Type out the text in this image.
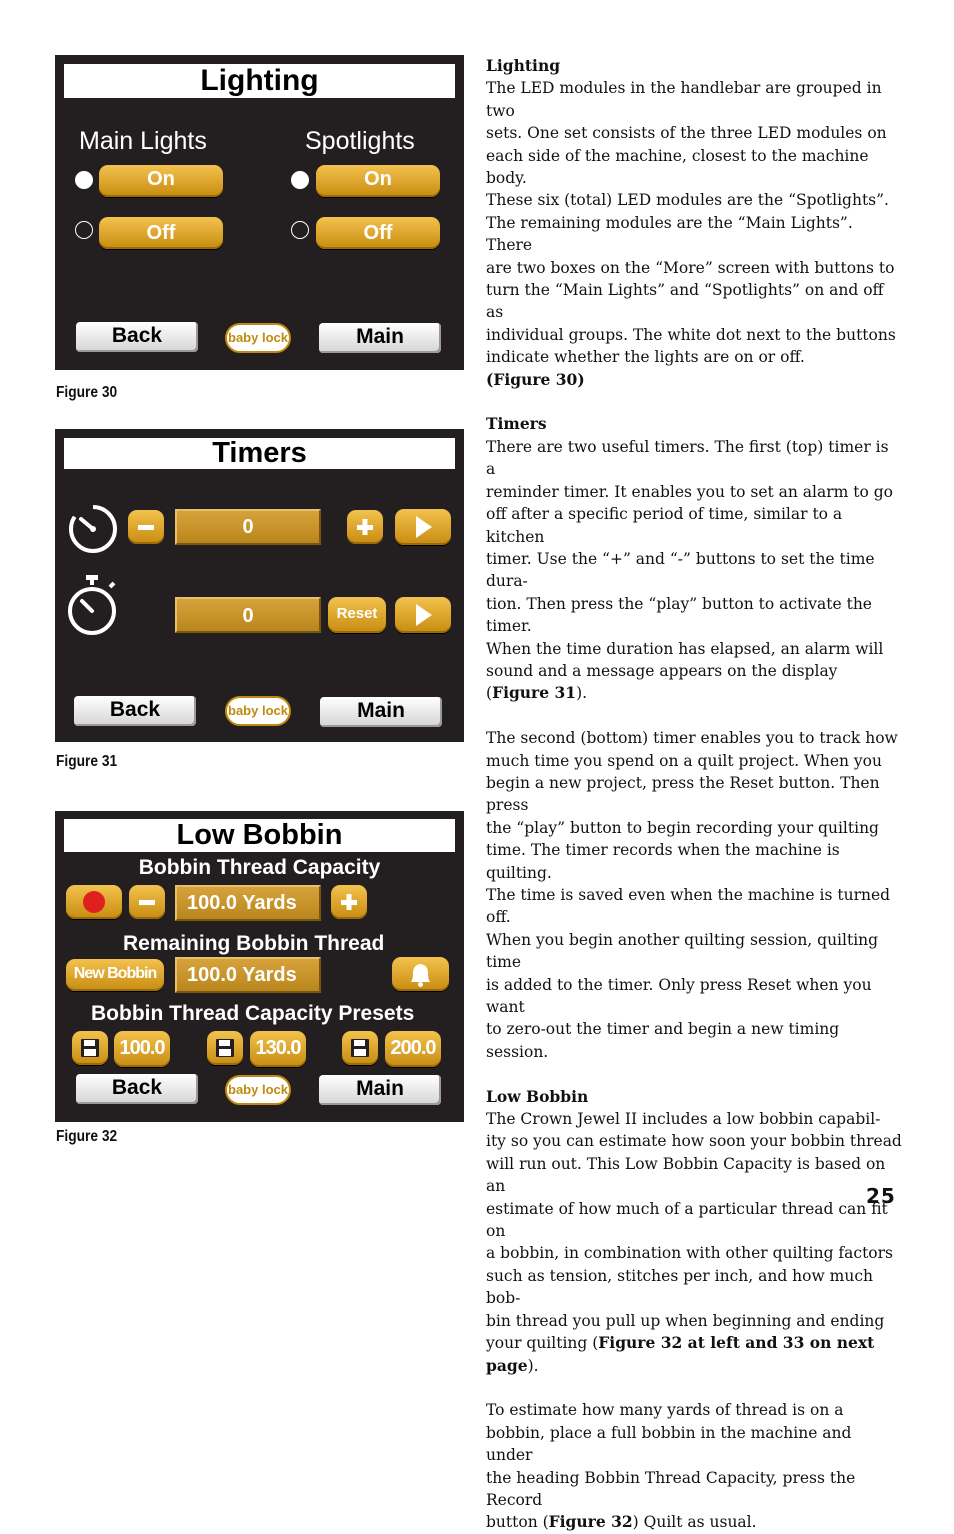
Lighting
Main Lights	Spotlights
On
Off
On
Off
Back	baby lock	Main
Figure 30
Timers
0
0	Reset
Back	baby lock	Main
Figure 31
Low Bobbin
Bobbin Thread Capacity
100.0 Yards
Remaining Bobbin Thread
New Bobbin	100.0 Yards
Bobbin Thread Capacity Presets
100.0	130.0	200.0
Back	baby lock	Main
Figure 32

Lighting

The LED modules in the handlebar are grouped in two

sets. One set consists of the three LED modules on

each side of the machine, closest to the machine body.

These six (total) LED modules are the “Spotlights”.

The remaining modules are the “Main Lights”. There

are two boxes on the “More” screen with buttons to

turn the “Main Lights” and “Spotlights” on and off as

individual groups. The white dot next to the buttons

indicate whether the lights are on or off.

(Figure 30)

Timers

There are two useful timers. The first (top) timer is a

reminder timer. It enables you to set an alarm to go

off after a specific period of time, similar to a kitchen

timer. Use the “+” and “-” buttons to set the time dura-

tion. Then press the “play” button to activate the timer.

When the time duration has elapsed, an alarm will

sound and a message appears on the display

(Figure 31).

The second (bottom) timer enables you to track how

much time you spend on a quilt project. When you

begin a new project, press the Reset button. Then press

the “play” button to begin recording your quilting

time. The timer records when the machine is quilting.

The time is saved even when the machine is turned off.

When you begin another quilting session, quilting time

is added to the timer. Only press Reset when you want

to zero-out the timer and begin a new timing session.

Low Bobbin

The Crown Jewel II includes a low bobbin capabil-

ity so you can estimate how soon your bobbin thread

will run out. This Low Bobbin Capacity is based on an

estimate of how much of a particular thread can fit on

a bobbin, in combination with other quilting factors

such as tension, stitches per inch, and how much bob-

bin thread you pull up when beginning and ending

your quilting (Figure 32 at left and 33 on next page).

To estimate how many yards of thread is on a

bobbin, place a full bobbin in the machine and under

the heading Bobbin Thread Capacity, press the Record

button (Figure 32) Quilt as usual.

25
